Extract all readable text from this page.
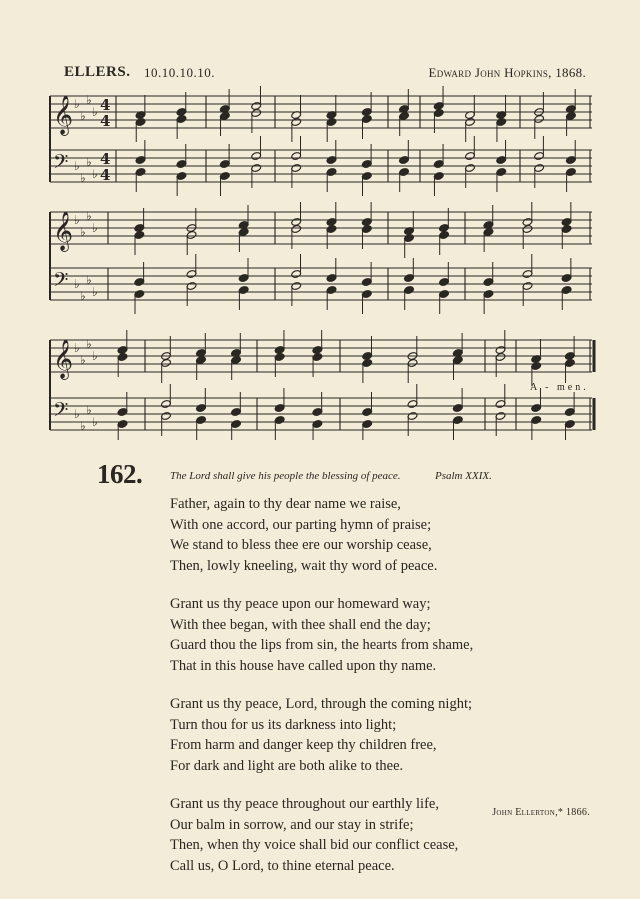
ELLERS. 10.10.10.10.	Edward John Hopkins, 1868.
𝄞 ♭
♭
♭
♭
𝄢 ♭
♭
♭
♭
4
4
4
4
𝄞 ♭
♭
♭
♭
𝄢 ♭
♭
♭
♭
𝄞 ♭
♭
♭
♭
𝄢 ♭
♭
♭
♭
A - men.
162.	The Lord shall give his people the blessing of peace.	Psalm XXIX.
Father, again to thy dear name we raise,
With one accord, our parting hymn of praise;
We stand to bless thee ere our worship cease,
Then, lowly kneeling, wait thy word of peace.
Grant us thy peace upon our homeward way;
With thee began, with thee shall end the day;
Guard thou the lips from sin, the hearts from shame,
That in this house have called upon thy name.
Grant us thy peace, Lord, through the coming night;
Turn thou for us its darkness into light;
From harm and danger keep thy children free,
For dark and light are both alike to thee.
Grant us thy peace throughout our earthly life,
Our balm in sorrow, and our stay in strife;
Then, when thy voice shall bid our conflict cease,
Call us, O Lord, to thine eternal peace.
John Ellerton,* 1866.
